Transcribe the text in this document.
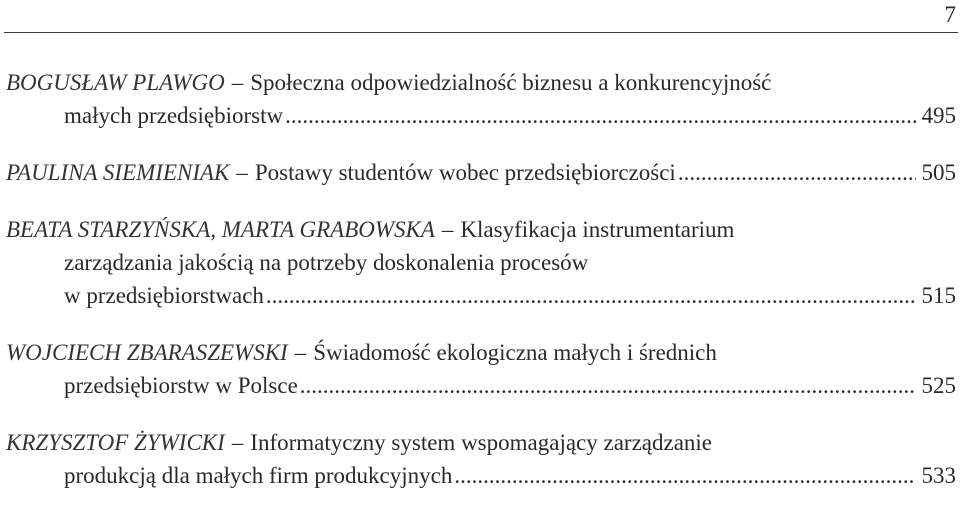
7
BOGUSŁAW PLAWGO – Społeczna odpowiedzialność biznesu a konkurencyjność
małych przedsiębiorstw .....	495
PAULINA SIEMIENIAK – Postawy studentów wobec przedsiębiorczości .....	505
BEATA STARZYŃSKA, MARTA GRABOWSKA – Klasyfikacja instrumentarium
zarządzania jakością na potrzeby doskonalenia procesów
w przedsiębiorstwach .....	515
WOJCIECH ZBARASZEWSKI – Świadomość ekologiczna małych i średnich
przedsiębiorstw w Polsce .....	525
KRZYSZTOF ŻYWICKI – Informatyczny system wspomagający zarządzanie
produkcją dla małych firm produkcyjnych .....	533
